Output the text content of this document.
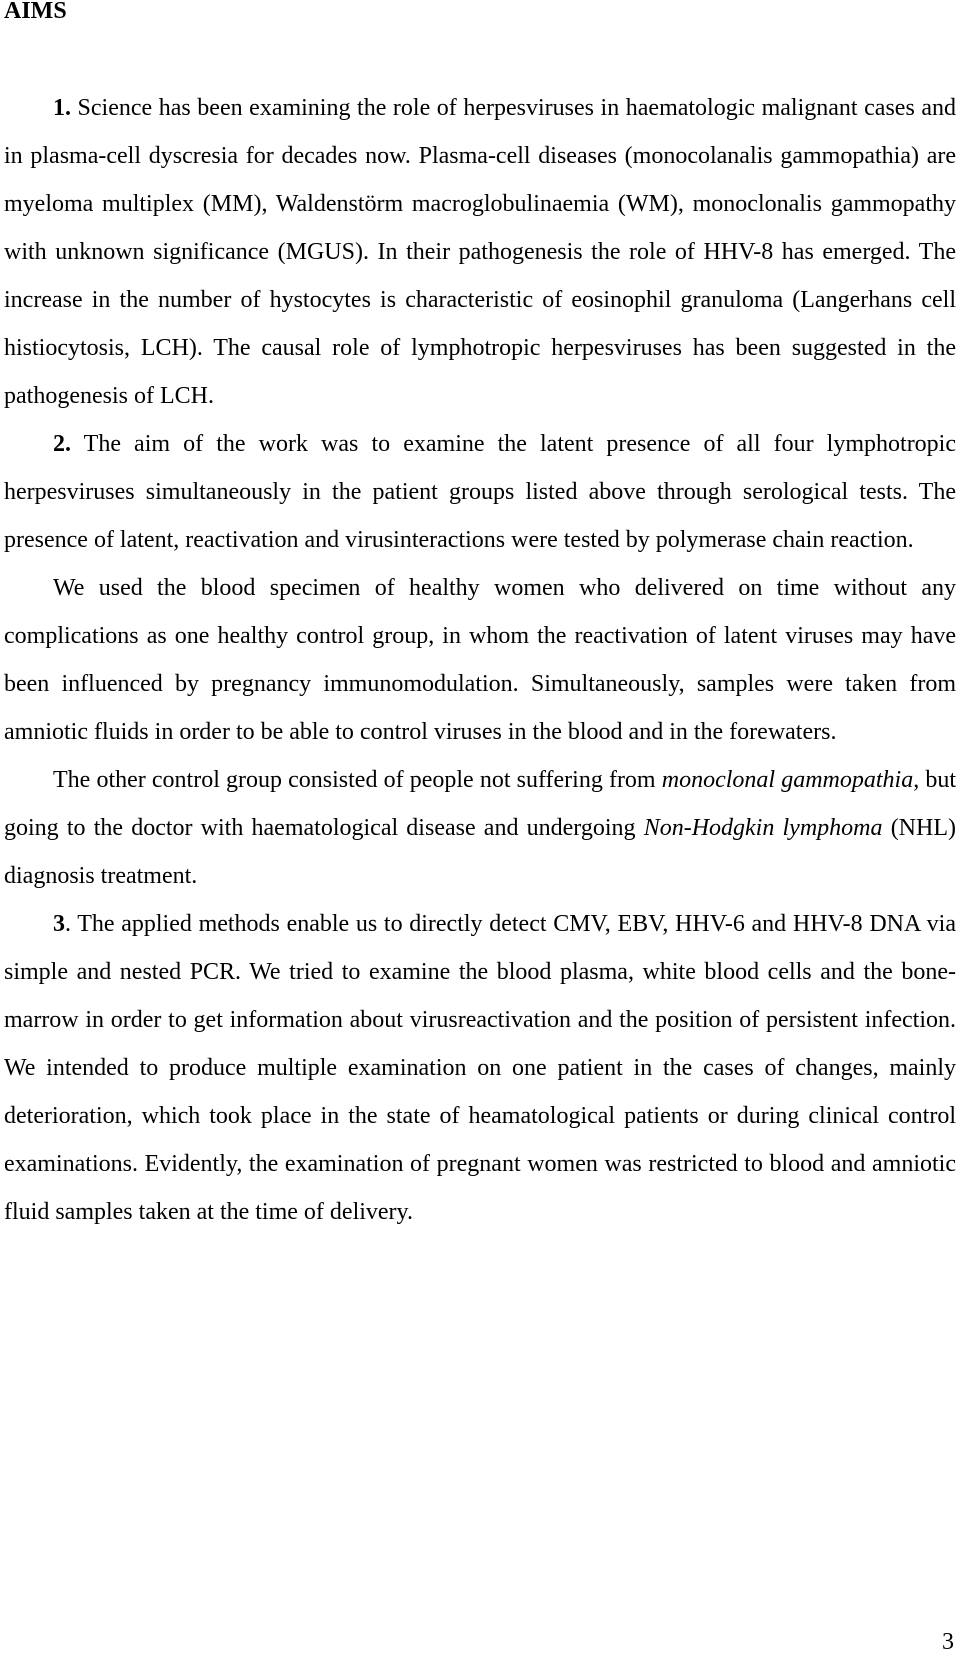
AIMS

1. Science has been examining the role of herpesviruses in haematologic malignant cases and in plasma-cell dyscresia for decades now. Plasma-cell diseases (monocolanalis gammopathia) are myeloma multiplex (MM), Waldenstörm macroglobulinaemia (WM), monoclonalis gammopathy with unknown significance (MGUS). In their pathogenesis the role of HHV-8 has emerged. The increase in the number of hystocytes is characteristic of eosinophil granuloma (Langerhans cell histiocytosis, LCH). The causal role of lymphotropic herpesviruses has been suggested in the pathogenesis of LCH.

2. The aim of the work was to examine the latent presence of all four lymphotropic herpesviruses simultaneously in the patient groups listed above through serological tests. The presence of latent, reactivation and virusinteractions were tested by polymerase chain reaction.

We used the blood specimen of healthy women who delivered on time without any complications as one healthy control group, in whom the reactivation of latent viruses may have been influenced by pregnancy immunomodulation. Simultaneously, samples were taken from amniotic fluids in order to be able to control viruses in the blood and in the forewaters.

The other control group consisted of people not suffering from monoclonal gammopathia, but going to the doctor with haematological disease and undergoing Non-Hodgkin lymphoma (NHL) diagnosis treatment.

3. The applied methods enable us to directly detect CMV, EBV, HHV-6 and HHV-8 DNA via simple and nested PCR. We tried to examine the blood plasma, white blood cells and the bone-marrow in order to get information about virusreactivation and the position of persistent infection. We intended to produce multiple examination on one patient in the cases of changes, mainly deterioration, which took place in the state of heamatological patients or during clinical control examinations. Evidently, the examination of pregnant women was restricted to blood and amniotic fluid samples taken at the time of delivery.

3
